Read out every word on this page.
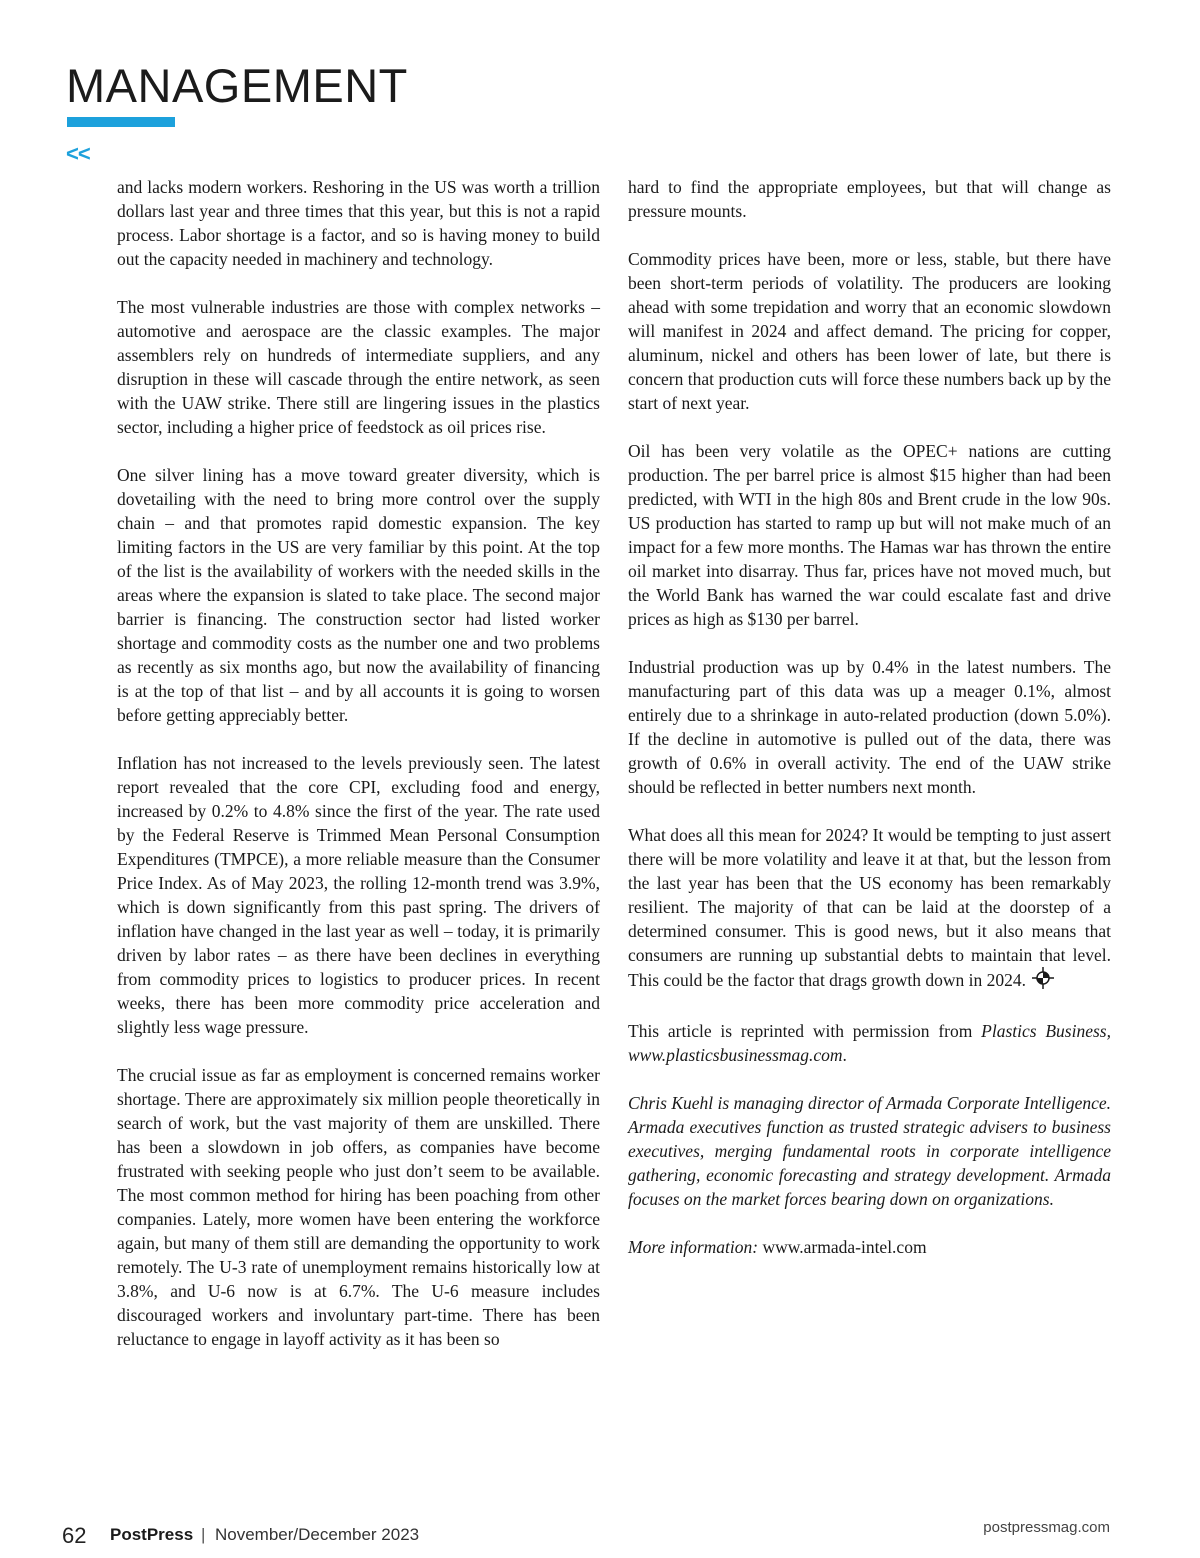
MANAGEMENT
<<

and lacks modern workers. Reshoring in the US was worth a trillion dollars last year and three times that this year, but this is not a rapid process. Labor shortage is a factor, and so is having money to build out the capacity needed in machinery and technology.

The most vulnerable industries are those with complex networks – automotive and aerospace are the classic examples. The major assemblers rely on hundreds of intermediate suppliers, and any disruption in these will cascade through the entire network, as seen with the UAW strike. There still are lingering issues in the plastics sector, including a higher price of feedstock as oil prices rise.

One silver lining has a move toward greater diversity, which is dovetailing with the need to bring more control over the supply chain – and that promotes rapid domestic expansion. The key limiting factors in the US are very familiar by this point. At the top of the list is the availability of workers with the needed skills in the areas where the expansion is slated to take place. The second major barrier is financing. The construction sector had listed worker shortage and commodity costs as the number one and two problems as recently as six months ago, but now the availability of financing is at the top of that list – and by all accounts it is going to worsen before getting appreciably better.

Inflation has not increased to the levels previously seen. The latest report revealed that the core CPI, excluding food and energy, increased by 0.2% to 4.8% since the first of the year. The rate used by the Federal Reserve is Trimmed Mean Personal Consumption Expenditures (TMPCE), a more reliable measure than the Consumer Price Index. As of May 2023, the rolling 12-month trend was 3.9%, which is down significantly from this past spring. The drivers of inflation have changed in the last year as well – today, it is primarily driven by labor rates – as there have been declines in everything from commodity prices to logistics to producer prices. In recent weeks, there has been more commodity price acceleration and slightly less wage pressure.

The crucial issue as far as employment is concerned remains worker shortage. There are approximately six million people theoretically in search of work, but the vast majority of them are unskilled. There has been a slowdown in job offers, as companies have become frustrated with seeking people who just don’t seem to be available. The most common method for hiring has been poaching from other companies. Lately, more women have been entering the workforce again, but many of them still are demanding the opportunity to work remotely. The U-3 rate of unemployment remains historically low at 3.8%, and U-6 now is at 6.7%. The U-6 measure includes discouraged workers and involuntary part-time. There has been reluctance to engage in layoff activity as it has been so

hard to find the appropriate employees, but that will change as pressure mounts.

Commodity prices have been, more or less, stable, but there have been short-term periods of volatility. The producers are looking ahead with some trepidation and worry that an economic slowdown will manifest in 2024 and affect demand. The pricing for copper, aluminum, nickel and others has been lower of late, but there is concern that production cuts will force these numbers back up by the start of next year.

Oil has been very volatile as the OPEC+ nations are cutting production. The per barrel price is almost $15 higher than had been predicted, with WTI in the high 80s and Brent crude in the low 90s. US production has started to ramp up but will not make much of an impact for a few more months. The Hamas war has thrown the entire oil market into disarray. Thus far, prices have not moved much, but the World Bank has warned the war could escalate fast and drive prices as high as $130 per barrel.

Industrial production was up by 0.4% in the latest numbers. The manufacturing part of this data was up a meager 0.1%, almost entirely due to a shrinkage in auto-related production (down 5.0%). If the decline in automotive is pulled out of the data, there was growth of 0.6% in overall activity. The end of the UAW strike should be reflected in better numbers next month.

What does all this mean for 2024? It would be tempting to just assert there will be more volatility and leave it at that, but the lesson from the last year has been that the US economy has been remarkably resilient. The majority of that can be laid at the doorstep of a determined consumer. This is good news, but it also means that consumers are running up substantial debts to maintain that level. This could be the factor that drags growth down in 2024.

This article is reprinted with permission from Plastics Business, www.plasticsbusinessmag.com.

Chris Kuehl is managing director of Armada Corporate Intelligence. Armada executives function as trusted strategic advisers to business executives, merging fundamental roots in corporate intelligence gathering, economic forecasting and strategy development. Armada focuses on the market forces bearing down on organizations.

More information: www.armada-intel.com

62 PostPress | November/December 2023	postpressmag.com
